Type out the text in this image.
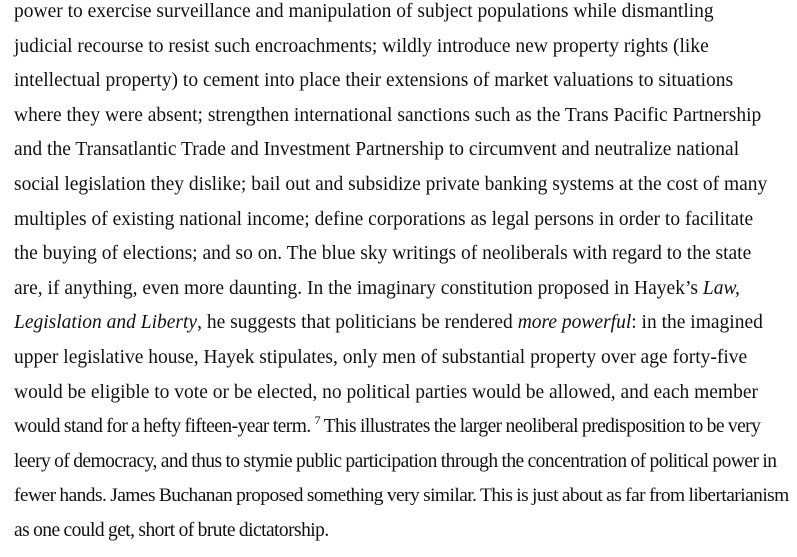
power to exercise surveillance and manipulation of subject populations while dismantling
judicial recourse to resist such encroachments; wildly introduce new property rights (like
intellectual property) to cement into place their extensions of market valuations to situations
where they were absent; strengthen international sanctions such as the Trans Pacific Partnership
and the Transatlantic Trade and Investment Partnership to circumvent and neutralize national
social legislation they dislike; bail out and subsidize private banking systems at the cost of many
multiples of existing national income; define corporations as legal persons in order to facilitate
the buying of elections; and so on. The blue sky writings of neoliberals with regard to the state
are, if anything, even more daunting. In the imaginary constitution proposed in Hayek’s Law,
Legislation and Liberty, he suggests that politicians be rendered more powerful: in the imagined
upper legislative house, Hayek stipulates, only men of substantial property over age forty-five
would be eligible to vote or be elected, no political parties would be allowed, and each member
would stand for a hefty fifteen-year term. $^7$ This illustrates the larger neoliberal predisposition to be very
leery of democracy, and thus to stymie public participation through the concentration of political power in
fewer hands. James Buchanan proposed something very similar. This is just about as far from libertarianism
as one could get, short of brute dictatorship.
